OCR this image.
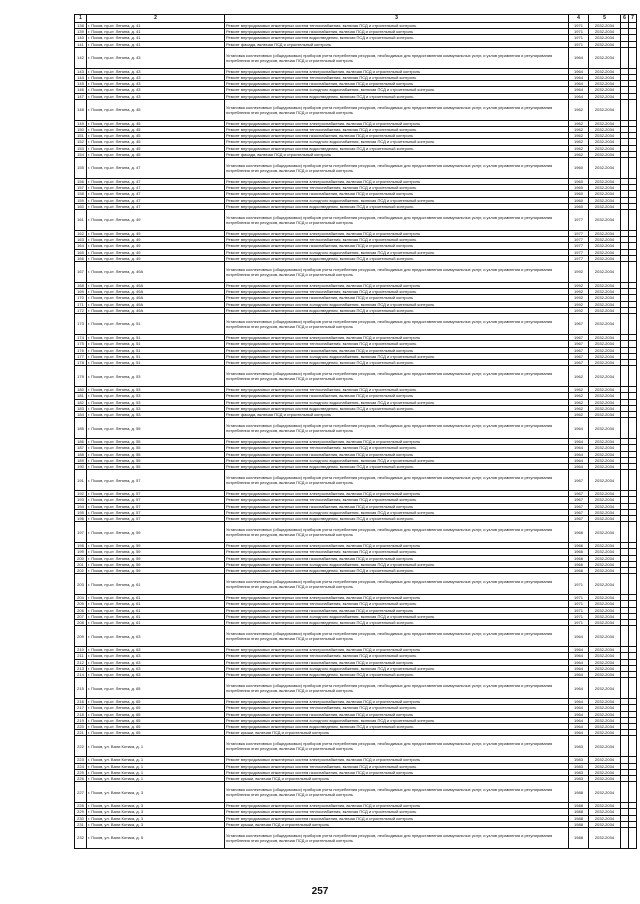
1	2	3	4	5	6	7
138	г. Псков, пр-кт. Ленина, д. 41	Ремонт внутридомовых инженерных систем теплоснабжения, включая ПСД и строительный контроль	1971	2032-2034		
139	г. Псков, пр-кт. Ленина, д. 41	Ремонт внутридомовых инженерных систем газоснабжения, включая ПСД и строительный контроль	1971	2032-2034		
140	г. Псков, пр-кт. Ленина, д. 41	Ремонт внутридомовых инженерных систем водоотведения, включая ПСД и строительный контроль	1971	2032-2034		
141	г. Псков, пр-кт. Ленина, д. 41	Ремонт фасада, включая ПСД и строительный контроль	1971	2032-2034		
142	г. Псков, пр-кт. Ленина, д. 43	Установка коллективных (общедомовых) приборов учета потребления ресурсов, необходимых для предоставления коммунальных услуг, и узлов управления и регулирования потребления этих ресурсов, включая ПСД и строительный контроль	1964	2032-2034		
143	г. Псков, пр-кт. Ленина, д. 43	Ремонт внутридомовых инженерных систем электроснабжения, включая ПСД и строительный контроль	1964	2032-2034		
144	г. Псков, пр-кт. Ленина, д. 43	Ремонт внутридомовых инженерных систем теплоснабжения, включая ПСД и строительный контроль	1964	2032-2034		
145	г. Псков, пр-кт. Ленина, д. 43	Ремонт внутридомовых инженерных систем газоснабжения, включая ПСД и строительный контроль	1964	2032-2034		
146	г. Псков, пр-кт. Ленина, д. 43	Ремонт внутридомовых инженерных систем холодного водоснабжения, включая ПСД и строительный контроль	1964	2032-2034		
147	г. Псков, пр-кт. Ленина, д. 43	Ремонт внутридомовых инженерных систем водоотведения, включая ПСД и строительный контроль	1964	2032-2034		
148	г. Псков, пр-кт. Ленина, д. 45	Установка коллективных (общедомовых) приборов учета потребления ресурсов, необходимых для предоставления коммунальных услуг, и узлов управления и регулирования потребления этих ресурсов, включая ПСД и строительный контроль	1962	2032-2034		
149	г. Псков, пр-кт. Ленина, д. 45	Ремонт внутридомовых инженерных систем электроснабжения, включая ПСД и строительный контроль	1962	2032-2034		
150	г. Псков, пр-кт. Ленина, д. 45	Ремонт внутридомовых инженерных систем теплоснабжения, включая ПСД и строительный контроль	1962	2032-2034		
151	г. Псков, пр-кт. Ленина, д. 45	Ремонт внутридомовых инженерных систем газоснабжения, включая ПСД и строительный контроль	1962	2032-2034		
152	г. Псков, пр-кт. Ленина, д. 45	Ремонт внутридомовых инженерных систем холодного водоснабжения, включая ПСД и строительный контроль	1962	2032-2034		
153	г. Псков, пр-кт. Ленина, д. 45	Ремонт внутридомовых инженерных систем водоотведения, включая ПСД и строительный контроль	1962	2032-2034		
154	г. Псков, пр-кт. Ленина, д. 45	Ремонт фасада, включая ПСД и строительный контроль	1962	2032-2034		
155	г. Псков, пр-кт. Ленина, д. 47	Установка коллективных (общедомовых) приборов учета потребления ресурсов, необходимых для предоставления коммунальных услуг, и узлов управления и регулирования потребления этих ресурсов, включая ПСД и строительный контроль	1960	2032-2034		
156	г. Псков, пр-кт. Ленина, д. 47	Ремонт внутридомовых инженерных систем электроснабжения, включая ПСД и строительный контроль	1960	2032-2034		
157	г. Псков, пр-кт. Ленина, д. 47	Ремонт внутридомовых инженерных систем теплоснабжения, включая ПСД и строительный контроль	1960	2032-2034		
158	г. Псков, пр-кт. Ленина, д. 47	Ремонт внутридомовых инженерных систем газоснабжения, включая ПСД и строительный контроль	1960	2032-2034		
159	г. Псков, пр-кт. Ленина, д. 47	Ремонт внутридомовых инженерных систем холодного водоснабжения, включая ПСД и строительный контроль	1960	2032-2034		
160	г. Псков, пр-кт. Ленина, д. 47	Ремонт внутридомовых инженерных систем водоотведения, включая ПСД и строительный контроль	1960	2032-2034		
161	г. Псков, пр-кт. Ленина, д. 49	Установка коллективных (общедомовых) приборов учета потребления ресурсов, необходимых для предоставления коммунальных услуг, и узлов управления и регулирования потребления этих ресурсов, включая ПСД и строительный контроль	1977	2032-2034		
162	г. Псков, пр-кт. Ленина, д. 49	Ремонт внутридомовых инженерных систем электроснабжения, включая ПСД и строительный контроль	1977	2032-2034		
163	г. Псков, пр-кт. Ленина, д. 49	Ремонт внутридомовых инженерных систем теплоснабжения, включая ПСД и строительный контроль	1977	2032-2034		
164	г. Псков, пр-кт. Ленина, д. 49	Ремонт внутридомовых инженерных систем газоснабжения, включая ПСД и строительный контроль	1977	2032-2034		
165	г. Псков, пр-кт. Ленина, д. 49	Ремонт внутридомовых инженерных систем холодного водоснабжения, включая ПСД и строительный контроль	1977	2032-2034		
166	г. Псков, пр-кт. Ленина, д. 49	Ремонт внутридомовых инженерных систем водоотведения, включая ПСД и строительный контроль	1977	2032-2034		
167	г. Псков, пр-кт. Ленина, д. 49А	Установка коллективных (общедомовых) приборов учета потребления ресурсов, необходимых для предоставления коммунальных услуг, и узлов управления и регулирования потребления этих ресурсов, включая ПСД и строительный контроль	1992	2032-2034		
168	г. Псков, пр-кт. Ленина, д. 49А	Ремонт внутридомовых инженерных систем электроснабжения, включая ПСД и строительный контроль	1992	2032-2034		
169	г. Псков, пр-кт. Ленина, д. 49А	Ремонт внутридомовых инженерных систем теплоснабжения, включая ПСД и строительный контроль	1992	2032-2034		
170	г. Псков, пр-кт. Ленина, д. 49А	Ремонт внутридомовых инженерных систем газоснабжения, включая ПСД и строительный контроль	1992	2032-2034		
171	г. Псков, пр-кт. Ленина, д. 49А	Ремонт внутридомовых инженерных систем холодного водоснабжения, включая ПСД и строительный контроль	1992	2032-2034		
172	г. Псков, пр-кт. Ленина, д. 49А	Ремонт внутридомовых инженерных систем водоотведения, включая ПСД и строительный контроль	1992	2032-2034		
173	г. Псков, пр-кт. Ленина, д. 51	Установка коллективных (общедомовых) приборов учета потребления ресурсов, необходимых для предоставления коммунальных услуг, и узлов управления и регулирования потребления этих ресурсов, включая ПСД и строительный контроль	1967	2032-2034		
174	г. Псков, пр-кт. Ленина, д. 51	Ремонт внутридомовых инженерных систем электроснабжения, включая ПСД и строительный контроль	1967	2032-2034		
175	г. Псков, пр-кт. Ленина, д. 51	Ремонт внутридомовых инженерных систем теплоснабжения, включая ПСД и строительный контроль	1967	2032-2034		
176	г. Псков, пр-кт. Ленина, д. 51	Ремонт внутридомовых инженерных систем газоснабжения, включая ПСД и строительный контроль	1967	2032-2034		
177	г. Псков, пр-кт. Ленина, д. 51	Ремонт внутридомовых инженерных систем холодного водоснабжения, включая ПСД и строительный контроль	1967	2032-2034		
178	г. Псков, пр-кт. Ленина, д. 51	Ремонт внутридомовых инженерных систем водоотведения, включая ПСД и строительный контроль	1967	2032-2034		
179	г. Псков, пр-кт. Ленина, д. 53	Установка коллективных (общедомовых) приборов учета потребления ресурсов, необходимых для предоставления коммунальных услуг, и узлов управления и регулирования потребления этих ресурсов, включая ПСД и строительный контроль	1962	2032-2034		
180	г. Псков, пр-кт. Ленина, д. 53	Ремонт внутридомовых инженерных систем теплоснабжения, включая ПСД и строительный контроль	1962	2032-2034		
181	г. Псков, пр-кт. Ленина, д. 53	Ремонт внутридомовых инженерных систем газоснабжения, включая ПСД и строительный контроль	1962	2032-2034		
182	г. Псков, пр-кт. Ленина, д. 53	Ремонт внутридомовых инженерных систем холодного водоснабжения, включая ПСД и строительный контроль	1962	2032-2034		
183	г. Псков, пр-кт. Ленина, д. 53	Ремонт внутридомовых инженерных систем водоотведения, включая ПСД и строительный контроль	1962	2032-2034		
184	г. Псков, пр-кт. Ленина, д. 53	Ремонт фасада, включая ПСД и строительный контроль	1962	2032-2034		
185	г. Псков, пр-кт. Ленина, д. 55	Установка коллективных (общедомовых) приборов учета потребления ресурсов, необходимых для предоставления коммунальных услуг, и узлов управления и регулирования потребления этих ресурсов, включая ПСД и строительный контроль	1964	2032-2034		
186	г. Псков, пр-кт. Ленина, д. 55	Ремонт внутридомовых инженерных систем электроснабжения, включая ПСД и строительный контроль	1964	2032-2034		
187	г. Псков, пр-кт. Ленина, д. 55	Ремонт внутридомовых инженерных систем теплоснабжения, включая ПСД и строительный контроль	1964	2032-2034		
188	г. Псков, пр-кт. Ленина, д. 55	Ремонт внутридомовых инженерных систем газоснабжения, включая ПСД и строительный контроль	1964	2032-2034		
189	г. Псков, пр-кт. Ленина, д. 55	Ремонт внутридомовых инженерных систем холодного водоснабжения, включая ПСД и строительный контроль	1964	2032-2034		
190	г. Псков, пр-кт. Ленина, д. 55	Ремонт внутридомовых инженерных систем водоотведения, включая ПСД и строительный контроль	1964	2032-2034		
191	г. Псков, пр-кт. Ленина, д. 57	Установка коллективных (общедомовых) приборов учета потребления ресурсов, необходимых для предоставления коммунальных услуг, и узлов управления и регулирования потребления этих ресурсов, включая ПСД и строительный контроль	1967	2032-2034		
192	г. Псков, пр-кт. Ленина, д. 57	Ремонт внутридомовых инженерных систем электроснабжения, включая ПСД и строительный контроль	1967	2032-2034		
193	г. Псков, пр-кт. Ленина, д. 57	Ремонт внутридомовых инженерных систем теплоснабжения, включая ПСД и строительный контроль	1967	2032-2034		
194	г. Псков, пр-кт. Ленина, д. 57	Ремонт внутридомовых инженерных систем газоснабжения, включая ПСД и строительный контроль	1967	2032-2034		
195	г. Псков, пр-кт. Ленина, д. 57	Ремонт внутридомовых инженерных систем холодного водоснабжения, включая ПСД и строительный контроль	1967	2032-2034		
196	г. Псков, пр-кт. Ленина, д. 57	Ремонт внутридомовых инженерных систем водоотведения, включая ПСД и строительный контроль	1967	2032-2034		
197	г. Псков, пр-кт. Ленина, д. 59	Установка коллективных (общедомовых) приборов учета потребления ресурсов, необходимых для предоставления коммунальных услуг, и узлов управления и регулирования потребления этих ресурсов, включая ПСД и строительный контроль	1966	2032-2034		
198	г. Псков, пр-кт. Ленина, д. 59	Ремонт внутридомовых инженерных систем электроснабжения, включая ПСД и строительный контроль	1966	2032-2034		
199	г. Псков, пр-кт. Ленина, д. 59	Ремонт внутридомовых инженерных систем теплоснабжения, включая ПСД и строительный контроль	1966	2032-2034		
200	г. Псков, пр-кт. Ленина, д. 59	Ремонт внутридомовых инженерных систем газоснабжения, включая ПСД и строительный контроль	1966	2032-2034		
201	г. Псков, пр-кт. Ленина, д. 59	Ремонт внутридомовых инженерных систем холодного водоснабжения, включая ПСД и строительный контроль	1966	2032-2034		
202	г. Псков, пр-кт. Ленина, д. 59	Ремонт внутридомовых инженерных систем водоотведения, включая ПСД и строительный контроль	1966	2032-2034		
203	г. Псков, пр-кт. Ленина, д. 61	Установка коллективных (общедомовых) приборов учета потребления ресурсов, необходимых для предоставления коммунальных услуг, и узлов управления и регулирования потребления этих ресурсов, включая ПСД и строительный контроль	1971	2032-2034		
204	г. Псков, пр-кт. Ленина, д. 61	Ремонт внутридомовых инженерных систем электроснабжения, включая ПСД и строительный контроль	1971	2032-2034		
205	г. Псков, пр-кт. Ленина, д. 61	Ремонт внутридомовых инженерных систем теплоснабжения, включая ПСД и строительный контроль	1971	2032-2034		
206	г. Псков, пр-кт. Ленина, д. 61	Ремонт внутридомовых инженерных систем газоснабжения, включая ПСД и строительный контроль	1971	2032-2034		
207	г. Псков, пр-кт. Ленина, д. 61	Ремонт внутридомовых инженерных систем холодного водоснабжения, включая ПСД и строительный контроль	1971	2032-2034		
208	г. Псков, пр-кт. Ленина, д. 61	Ремонт внутридомовых инженерных систем водоотведения, включая ПСД и строительный контроль	1971	2032-2034		
209	г. Псков, пр-кт. Ленина, д. 63	Установка коллективных (общедомовых) приборов учета потребления ресурсов, необходимых для предоставления коммунальных услуг, и узлов управления и регулирования потребления этих ресурсов, включая ПСД и строительный контроль	1964	2032-2034		
210	г. Псков, пр-кт. Ленина, д. 63	Ремонт внутридомовых инженерных систем электроснабжения, включая ПСД и строительный контроль	1964	2032-2034		
211	г. Псков, пр-кт. Ленина, д. 63	Ремонт внутридомовых инженерных систем теплоснабжения, включая ПСД и строительный контроль	1964	2032-2034		
212	г. Псков, пр-кт. Ленина, д. 63	Ремонт внутридомовых инженерных систем газоснабжения, включая ПСД и строительный контроль	1964	2032-2034		
213	г. Псков, пр-кт. Ленина, д. 63	Ремонт внутридомовых инженерных систем холодного водоснабжения, включая ПСД и строительный контроль	1964	2032-2034		
214	г. Псков, пр-кт. Ленина, д. 63	Ремонт внутридомовых инженерных систем водоотведения, включая ПСД и строительный контроль	1964	2032-2034		
215	г. Псков, пр-кт. Ленина, д. 65	Установка коллективных (общедомовых) приборов учета потребления ресурсов, необходимых для предоставления коммунальных услуг, и узлов управления и регулирования потребления этих ресурсов, включая ПСД и строительный контроль	1964	2032-2034		
216	г. Псков, пр-кт. Ленина, д. 65	Ремонт внутридомовых инженерных систем электроснабжения, включая ПСД и строительный контроль	1964	2032-2034		
217	г. Псков, пр-кт. Ленина, д. 65	Ремонт внутридомовых инженерных систем теплоснабжения, включая ПСД и строительный контроль	1964	2032-2034		
218	г. Псков, пр-кт. Ленина, д. 65	Ремонт внутридомовых инженерных систем газоснабжения, включая ПСД и строительный контроль	1964	2032-2034		
219	г. Псков, пр-кт. Ленина, д. 65	Ремонт внутридомовых инженерных систем холодного водоснабжения, включая ПСД и строительный контроль	1964	2032-2034		
220	г. Псков, пр-кт. Ленина, д. 65	Ремонт внутридомовых инженерных систем водоотведения, включая ПСД и строительный контроль	1964	2032-2034		
221	г. Псков, пр-кт. Ленина, д. 65	Ремонт крыши, включая ПСД и строительный контроль	1964	2032-2034		
222	г. Псков, ул. Вали Котика, д. 1	Установка коллективных (общедомовых) приборов учета потребления ресурсов, необходимых для предоставления коммунальных услуг, и узлов управления и регулирования потребления этих ресурсов, включая ПСД и строительный контроль	1983	2032-2034		
223	г. Псков, ул. Вали Котика, д. 1	Ремонт внутридомовых инженерных систем электроснабжения, включая ПСД и строительный контроль	1983	2032-2034		
224	г. Псков, ул. Вали Котика, д. 1	Ремонт внутридомовых инженерных систем теплоснабжения, включая ПСД и строительный контроль	1983	2032-2034		
225	г. Псков, ул. Вали Котика, д. 1	Ремонт внутридомовых инженерных систем газоснабжения, включая ПСД и строительный контроль	1983	2032-2034		
226	г. Псков, ул. Вали Котика, д. 1	Ремонт крыши, включая ПСД и строительный контроль	1983	2032-2034		
227	г. Псков, ул. Вали Котика, д. 3	Установка коллективных (общедомовых) приборов учета потребления ресурсов, необходимых для предоставления коммунальных услуг, и узлов управления и регулирования потребления этих ресурсов, включая ПСД и строительный контроль	1988	2032-2034		
228	г. Псков, ул. Вали Котика, д. 3	Ремонт внутридомовых инженерных систем электроснабжения, включая ПСД и строительный контроль	1988	2032-2034		
229	г. Псков, ул. Вали Котика, д. 3	Ремонт внутридомовых инженерных систем теплоснабжения, включая ПСД и строительный контроль	1988	2032-2034		
230	г. Псков, ул. Вали Котика, д. 3	Ремонт внутридомовых инженерных систем газоснабжения, включая ПСД и строительный контроль	1988	2032-2034		
231	г. Псков, ул. Вали Котика, д. 3	Ремонт крыши, включая ПСД и строительный контроль	1988	2032-2034		
232	г. Псков, ул. Вали Котика, д. 5	Установка коллективных (общедомовых) приборов учета потребления ресурсов, необходимых для предоставления коммунальных услуг, и узлов управления и регулирования потребления этих ресурсов, включая ПСД и строительный контроль	1988	2032-2034		
257
